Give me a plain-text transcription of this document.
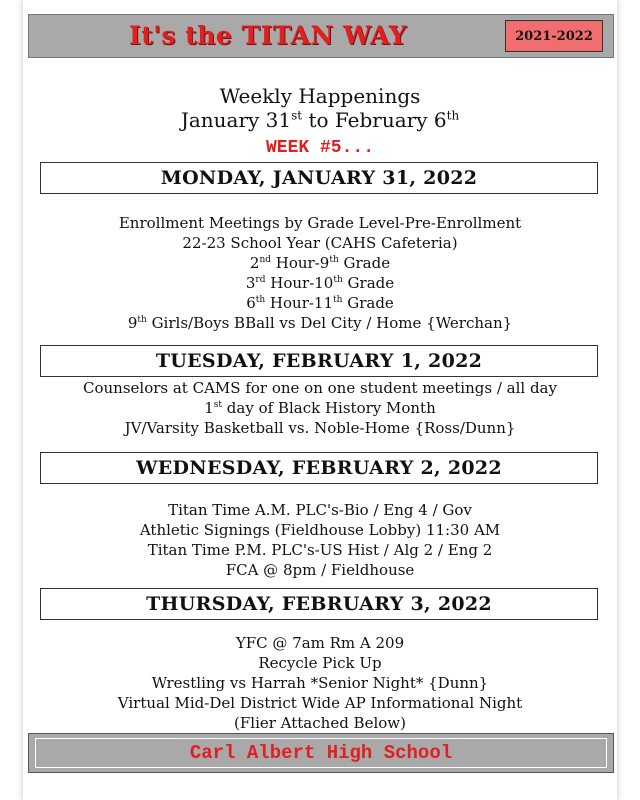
It's the TITAN WAY	2021-2022
Weekly Happenings
January 31st to February 6th
WEEK #5...
MONDAY, JANUARY 31, 2022
Enrollment Meetings by Grade Level-Pre-Enrollment
22-23 School Year (CAHS Cafeteria)
2nd Hour-9th Grade
3rd Hour-10th Grade
6th Hour-11th Grade
9th Girls/Boys BBall vs Del City / Home {Werchan}
TUESDAY, FEBRUARY 1, 2022
Counselors at CAMS for one on one student meetings / all day
1st day of Black History Month
JV/Varsity Basketball vs. Noble-Home {Ross/Dunn}
WEDNESDAY, FEBRUARY 2, 2022
Titan Time A.M. PLC's-Bio / Eng 4 / Gov
Athletic Signings (Fieldhouse Lobby) 11:30 AM
Titan Time P.M. PLC's-US Hist / Alg 2 / Eng 2
FCA @ 8pm / Fieldhouse
THURSDAY, FEBRUARY 3, 2022
YFC @ 7am Rm A 209
Recycle Pick Up
Wrestling vs Harrah *Senior Night* {Dunn}
Virtual Mid-Del District Wide AP Informational Night
(Flier Attached Below)
Carl Albert High School
